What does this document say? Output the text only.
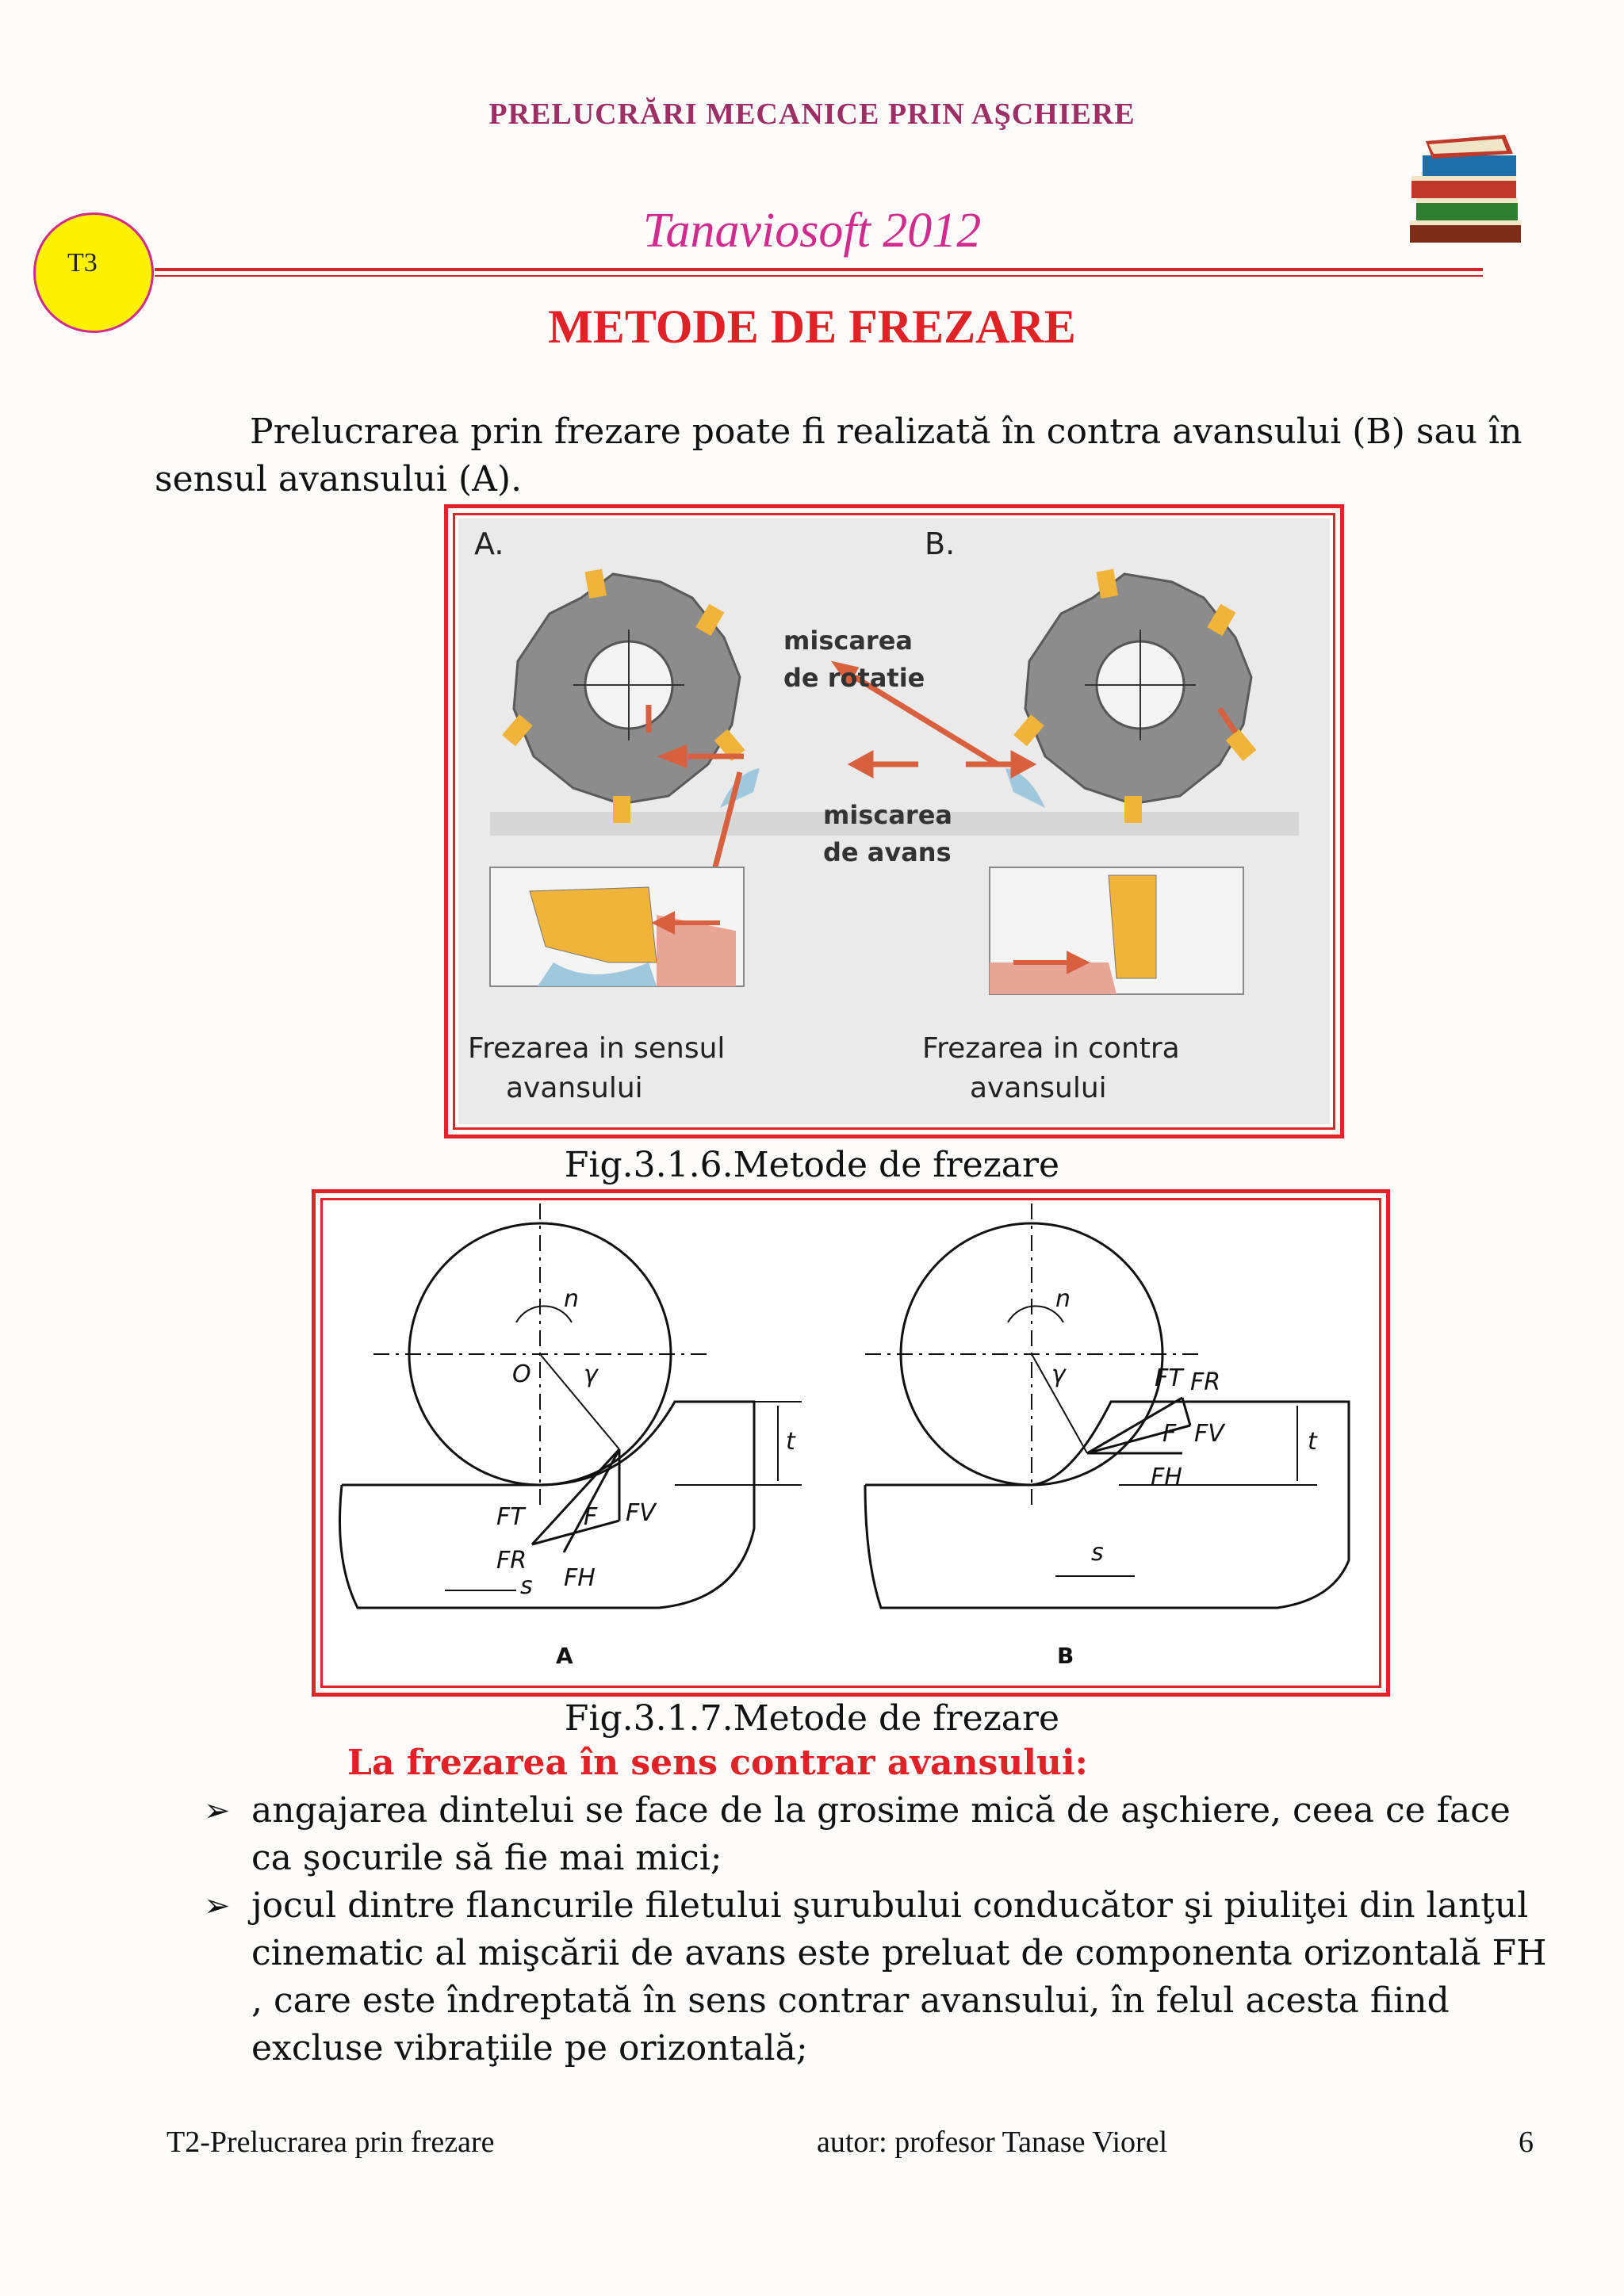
PRELUCRĂRI MECANICE PRIN AŞCHIERE
Tanaviosoft 2012
T3
METODE DE FREZARE
Prelucrarea prin frezare poate fi realizată în contra avansului (B) sau în sensul avansului (A).
A.	B.
miscarea
de rotatie
miscarea
de avans
Frezarea in sensul
avansului
Frezarea in contra
avansului
Fig.3.1.6.Metode de frezare
n
O γ
t
FT F FV
FR
FH
s
n
γ	FT FR
F FV
FH
t
s
A	B
Fig.3.1.7.Metode de frezare
La frezarea în sens contrar avansului:
➢ angajarea dintelui se face de la grosime mică de aşchiere, ceea ce face ca şocurile să fie mai mici;
➢ jocul dintre flancurile filetului şurubului conducător şi piuliţei din lanţul cinematic al mişcării de avans este preluat de componenta orizontală FH , care este îndreptată în sens contrar avansului, în felul acesta fiind excluse vibraţiile pe orizontală;
T2-Prelucrarea prin frezare	autor: profesor Tanase Viorel	6
